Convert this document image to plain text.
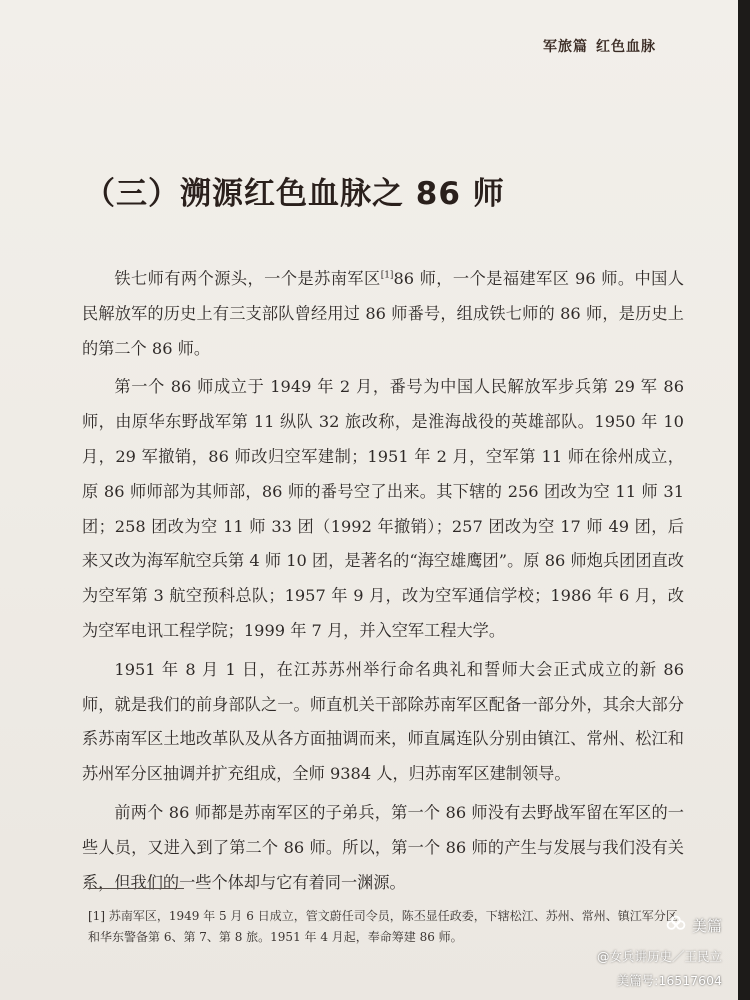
军旅篇 红色血脉
（三）溯源红色血脉之 86 师

铁七师有两个源头，一个是苏南军区[1]86 师，一个是福建军区 96 师。中国人民解放军的历史上有三支部队曾经用过 86 师番号，组成铁七师的 86 师，是历史上的第二个 86 师。

第一个 86 师成立于 1949 年 2 月，番号为中国人民解放军步兵第 29 军 86 师，由原华东野战军第 11 纵队 32 旅改称，是淮海战役的英雄部队。1950 年 10 月，29 军撤销，86 师改归空军建制；1951 年 2 月，空军第 11 师在徐州成立，原 86 师师部为其师部，86 师的番号空了出来。其下辖的 256 团改为空 11 师 31 团；258 团改为空 11 师 33 团（1992 年撤销）；257 团改为空 17 师 49 团，后来又改为海军航空兵第 4 师 10 团，是著名的“海空雄鹰团”。原 86 师炮兵团团直改为空军第 3 航空预科总队；1957 年 9 月，改为空军通信学校；1986 年 6 月，改为空军电讯工程学院；1999 年 7 月，并入空军工程大学。

1951 年 8 月 1 日，在江苏苏州举行命名典礼和誓师大会正式成立的新 86 师，就是我们的前身部队之一。师直机关干部除苏南军区配备一部分外，其余大部分系苏南军区土地改革队及从各方面抽调而来，师直属连队分别由镇江、常州、松江和苏州军分区抽调并扩充组成，全师 9384 人，归苏南军区建制领导。

前两个 86 师都是苏南军区的子弟兵，第一个 86 师没有去野战军留在军区的一些人员，又进入到了第二个 86 师。所以，第一个 86 师的产生与发展与我们没有关系，但我们的一些个体却与它有着同一渊源。

[1] 苏南军区，1949 年 5 月 6 日成立，管文蔚任司令员，陈丕显任政委，下辖松江、苏州、常州、镇江军分区和华东警备第 6、第 7、第 8 旅。1951 年 4 月起，奉命筹建 86 师。

美篇
@女兵讲历史／王民立
美篇号:16517604
